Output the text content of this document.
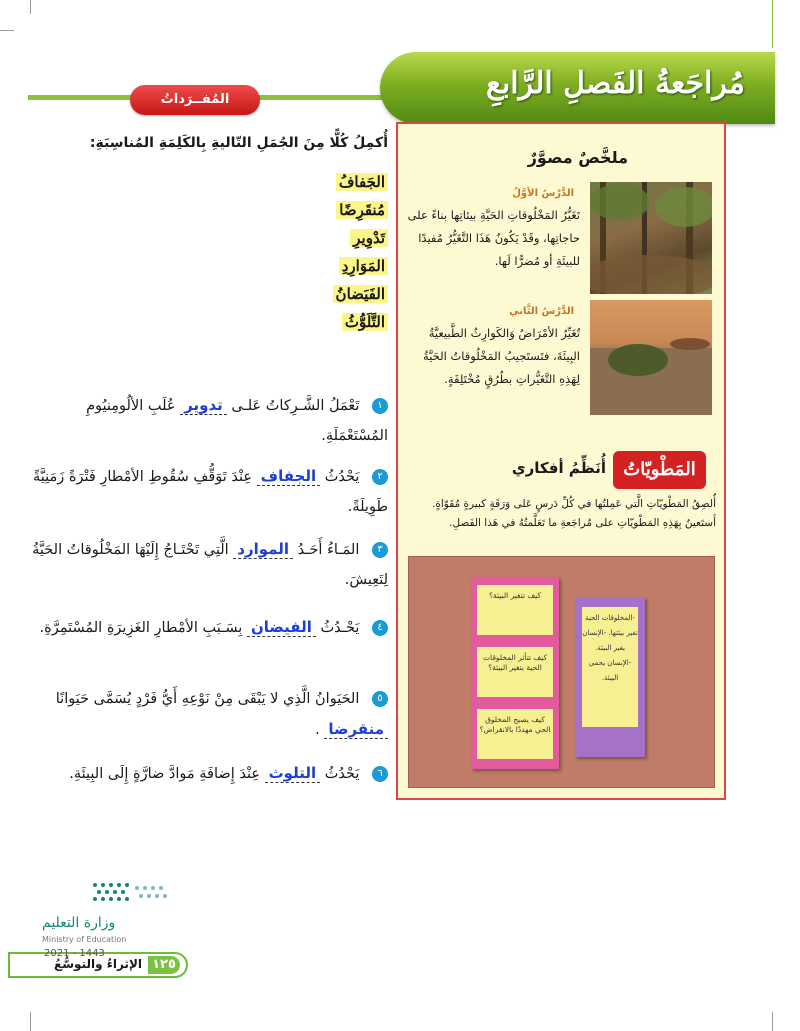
المُفــرَداتُ	مُراجَعةُ الفَصلِ الرَّابعِ
ملخَّصٌ مصوَّرٌ
الدَّرْسُ الأوَّلُ
تَغَيُّرُ المَخْلُوقاتِ الحَيَّةِ بيئاتِها بناءً على حاجاتِها، وقَدْ يَكُونُ هَذَا التَّغَيُّرُ مُفيدًا للبيئَةِ أو مُضرًّا لَها.
الدَّرْسُ الثَّاني
تُغَيِّرُ الأمْرَاضُ وَالكَوارِثُ الطَّبيعيَّةُ البِيئَةَ، فتَستَجيبُ المَخْلُوقاتُ الحَيَّةُ لِهَذِهِ التَّغَيُّراتِ بطُرُقٍ مُخْتَلِفَةٍ.
المَطْويّاتُ
أُنَظِّمُ أفكاري
أُلصِقُ المَطْويّاتِ الَّتي عَمِلتُها في كُلِّ دَرسٍ عَلى وَرَقَةٍ كبيرةٍ مُقَوّاةٍ. أَستَعينُ بِهَذِهِ المَطْويّاتِ على مُراجَعةِ ما تَعَلَّمتُهُ في هَذا الفَصلِ.
كيف تتغير البيئة؟
كيف تتأثر المخلوقات الحية بتغير البيئة؟
كيف يصبح المخلوق الحي مهددًا بالانقراض؟
-المخلوقات الحية تغير بيئتها. -الإنسان يغير البيئة. -الإنسان يحمي البيئة.
أُكمِلُ كُلًّا مِنَ الجُمَلِ التّاليةِ بِالكَلِمَةِ المُناسِبَةِ:
الجَفافُ
مُنقَرِضًا
تَدْوِيرِ
المَوَارِدِ
الفَيَضانُ
التَّلَوُّثُ
١ تَعْمَلُ الشَّـرِكاتُ عَلـى تدوير عُلَبِ الألُومِنيُومِ المُسْتَعْمَلَةِ.
٢ يَحْدُثُ الجفاف عِنْدَ تَوَقُّفِ سُقُوطِ الأمْطارِ فَتْرَةً زَمَنِيَّةً طَوِيلَةً.
٣ المَـاءُ أَحَـدُ الموارد الَّتِي تَحْتَـاجُ إِلَيْهَا المَخْلُوقاتُ الحَيَّةُ لِتَعِيشَ.
٤ يَحْـدُثُ الفيضان بِسَـبَبِ الأمْطارِ الغَزِيرَةِ المُسْتَمِرَّةِ.
٥ الحَيَوانُ الَّذِي لا يَبْقَى مِنْ نَوْعِهِ أَيُّ فَرْدٍ يُسَمَّى حَيَوانًا منقرضا .
٦ يَحْدُثُ التلوث عِنْدَ إِضافَةِ مَوادَّ ضارَّةٍ إِلَى البِيئَةِ.
وزارة التعليم
Ministry of Education
١٢٥
الإثراءُ والتوسُّعُ
2021 - 1443
